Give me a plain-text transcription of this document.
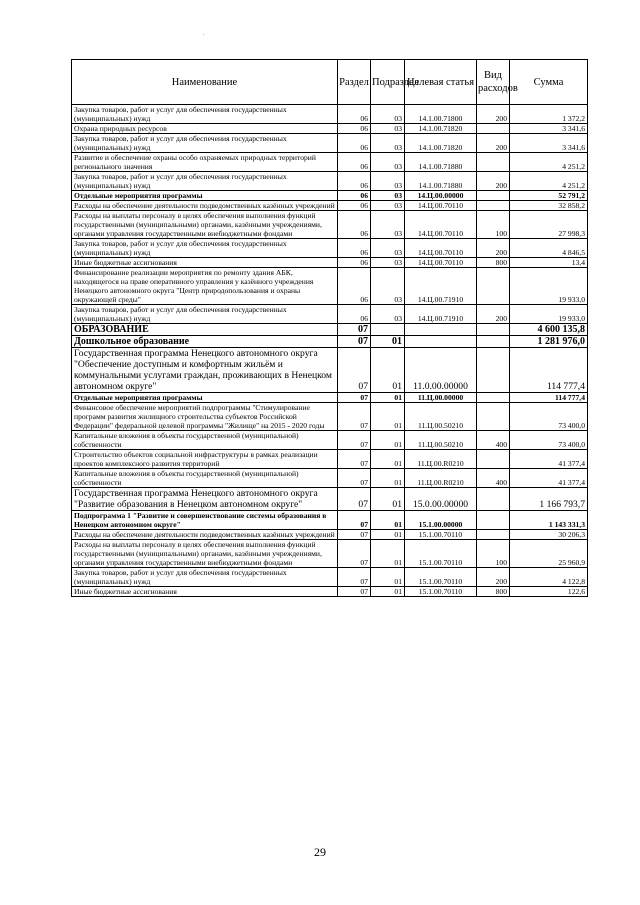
.
Наименование	Раздел	Подраздел	Целевая статья	Вид расходов	Сумма
Закупка товаров, работ и услуг для обеспечения государственных (муниципальных) нужд	06	03	14.1.00.71800	200	1 372,2
Охрана природных ресурсов	06	03	14.1.00.71820		3 341,6
Закупка товаров, работ и услуг для обеспечения государственных (муниципальных) нужд	06	03	14.1.00.71820	200	3 341,6
Развитие и обеспечение охраны особо охраняемых природных территорий регионального значения	06	03	14.1.00.71880		4 251,2
Закупка товаров, работ и услуг для обеспечения государственных (муниципальных) нужд	06	03	14.1.00.71880	200	4 251,2
Отдельные мероприятия программы	06	03	14.Ц.00.00000		52 791,2
Расходы на обеспечение деятельности подведомственных казённых учреждений	06	03	14.Ц.00.70110		32 858,2
Расходы на выплаты персоналу в целях обеспечения выполнения функций государственными (муниципальными) органами, казёнными учреждениями, органами управления государственными внебюджетными фондами	06	03	14.Ц.00.70110	100	27 998,3
Закупка товаров, работ и услуг для обеспечения государственных (муниципальных) нужд	06	03	14.Ц.00.70110	200	4 846,5
Иные бюджетные ассигнования	06	03	14.Ц.00.70110	800	13,4
Финансирование реализации мероприятия по ремонту здания АБК, находящегося на праве оперативного управления у казённого учреждения Ненецкого автономного округа "Центр природопользования и охраны окружающей среды"	06	03	14.Ц.00.71910		19 933,0
Закупка товаров, работ и услуг для обеспечения государственных (муниципальных) нужд	06	03	14.Ц.00.71910	200	19 933,0
ОБРАЗОВАНИЕ	07				4 600 135,8
Дошкольное образование	07	01			1 281 976,0
Государственная программа Ненецкого автономного округа "Обеспечение доступным и комфортным жильём и коммунальными услугами граждан, проживающих в Ненецком автономном округе"	07	01	11.0.00.00000		114 777,4
Отдельные мероприятия программы	07	01	11.Ц.00.00000		114 777,4
Финансовое обеспечение мероприятий подпрограммы "Стимулирование программ развития жилищного строительства субъектов Российской Федерации" федеральной целевой программы "Жилище" на 2015 - 2020 годы	07	01	11.Ц.00.50210		73 400,0
Капитальные вложения в объекты государственной (муниципальной) собственности	07	01	11.Ц.00.50210	400	73 400,0
Строительство объектов социальной инфраструктуры в рамках реализации проектов комплексного развития территорий	07	01	11.Ц.00.R0210		41 377,4
Капитальные вложения в объекты государственной (муниципальной) собственности	07	01	11.Ц.00.R0210	400	41 377,4
Государственная программа Ненецкого автономного округа "Развитие образования в Ненецком автономном округе"	07	01	15.0.00.00000		1 166 793,7
Подпрограмма 1 "Развитие и совершенствование системы образования в Ненецком автономном округе"	07	01	15.1.00.00000		1 143 331,3
Расходы на обеспечение деятельности подведомственных казённых учреждений	07	01	15.1.00.70110		30 206,3
Расходы на выплаты персоналу в целях обеспечения выполнения функций государственными (муниципальными) органами, казёнными учреждениями, органами управления государственными внебюджетными фондами	07	01	15.1.00.70110	100	25 960,9
Закупка товаров, работ и услуг для обеспечения государственных (муниципальных) нужд	07	01	15.1.00.70110	200	4 122,8
Иные бюджетные ассигнования	07	01	15.1.00.70110	800	122,6
29
